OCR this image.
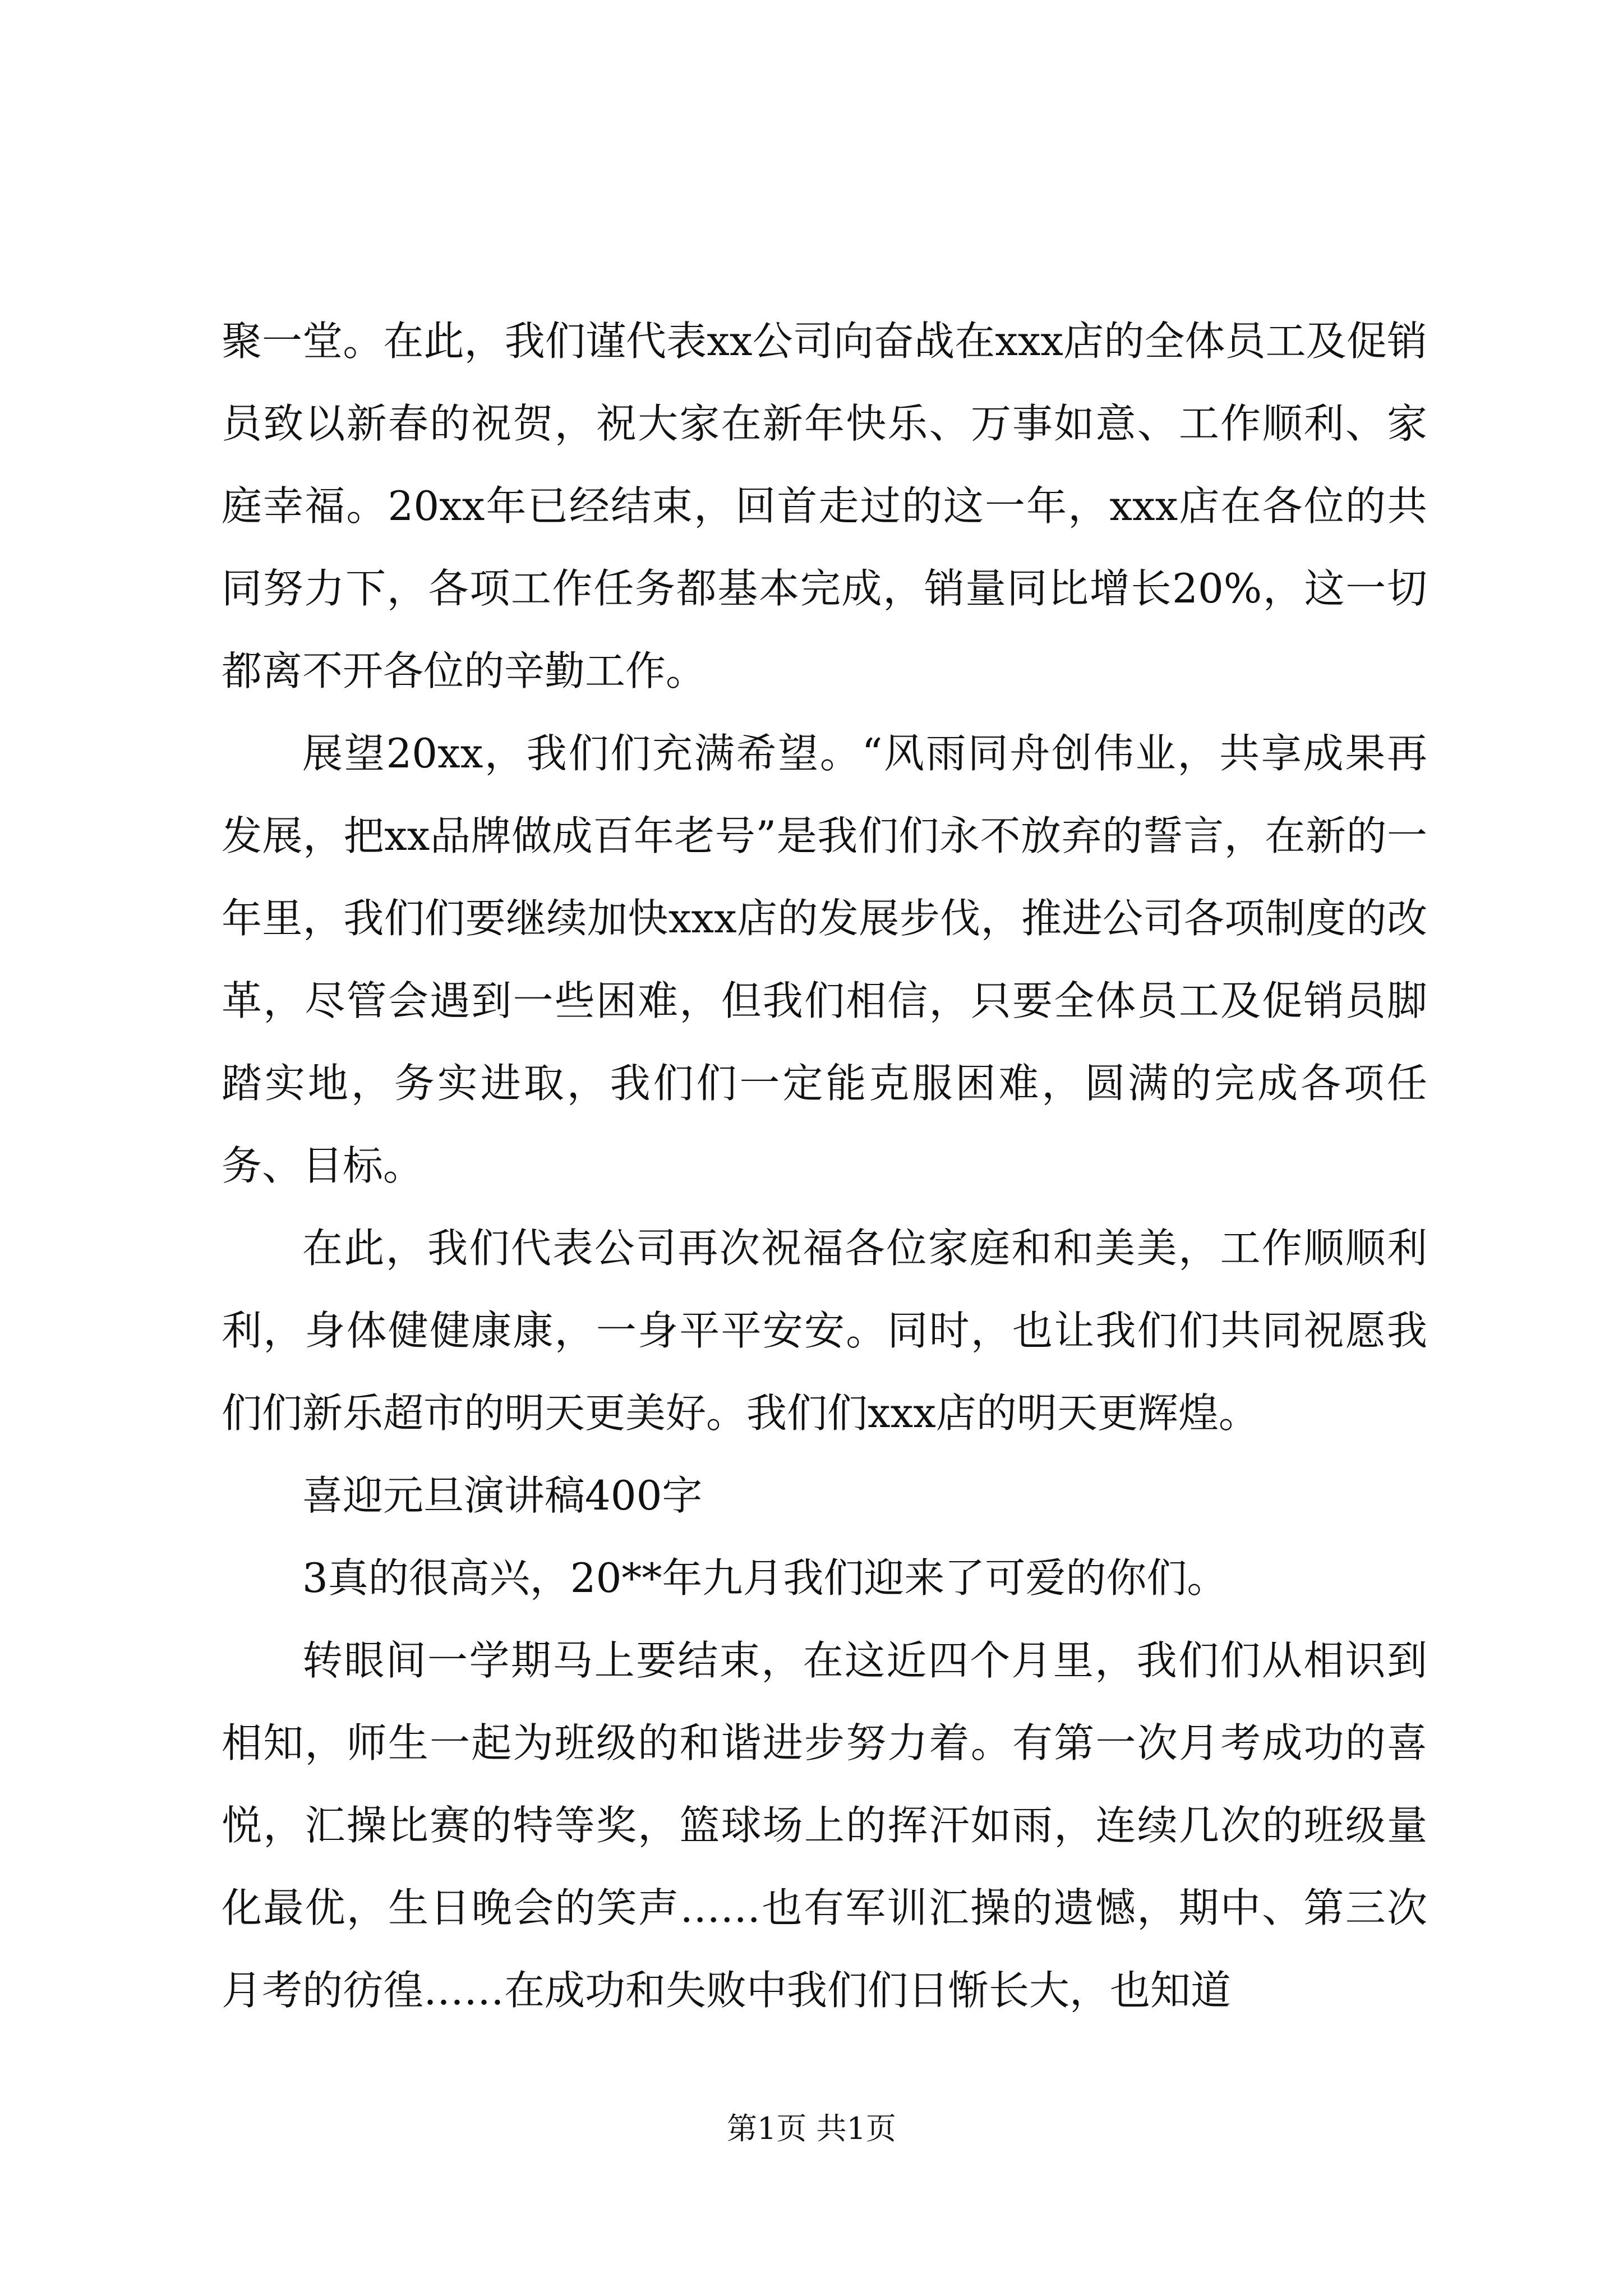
聚一堂。在此，我们谨代表xx公司向奋战在xxx店的全体员工及促销员致以新春的祝贺，祝大家在新年快乐、万事如意、工作顺利、家庭幸福。20xx年已经结束，回首走过的这一年，xxx店在各位的共同努力下，各项工作任务都基本完成，销量同比增长20%，这一切都离不开各位的辛勤工作。

展望20xx，我们们充满希望。“风雨同舟创伟业，共享成果再发展，把xx品牌做成百年老号”是我们们永不放弃的誓言，在新的一年里，我们们要继续加快xxx店的发展步伐，推进公司各项制度的改革，尽管会遇到一些困难，但我们相信，只要全体员工及促销员脚踏实地，务实进取，我们们一定能克服困难，圆满的完成各项任务、目标。

在此，我们代表公司再次祝福各位家庭和和美美，工作顺顺利利，身体健健康康，一身平平安安。同时，也让我们们共同祝愿我们们新乐超市的明天更美好。我们们xxx店的明天更辉煌。

喜迎元旦演讲稿400字

3真的很高兴，20**年九月我们迎来了可爱的你们。

转眼间一学期马上要结束，在这近四个月里，我们们从相识到相知，师生一起为班级的和谐进步努力着。有第一次月考成功的喜悦，汇操比赛的特等奖，篮球场上的挥汗如雨，连续几次的班级量化最优，生日晚会的笑声……也有军训汇操的遗憾，期中、第三次月考的彷徨……在成功和失败中我们们日惭长大，也知道

第1页 共1页
